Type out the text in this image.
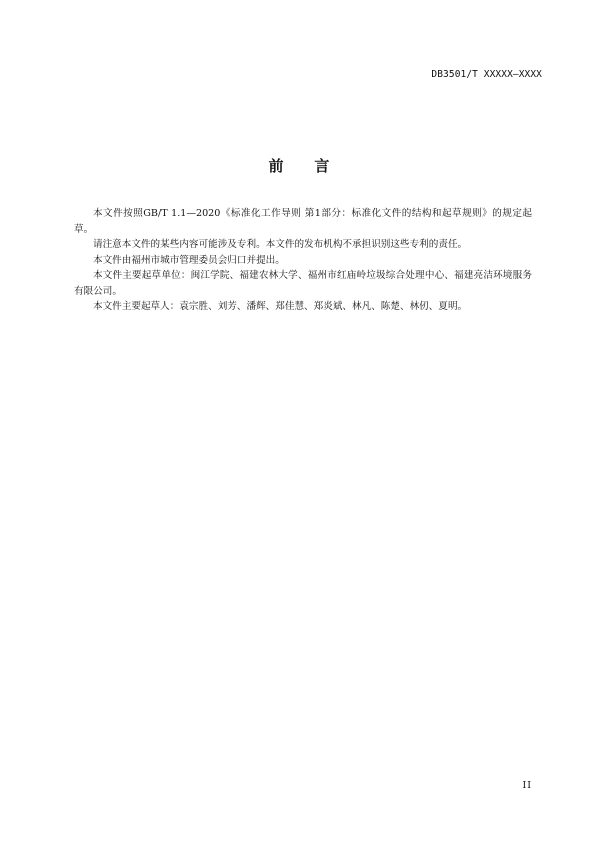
DB3501/T XXXXX—XXXX
前    言

本文件按照GB/T 1.1—2020《标准化工作导则 第1部分：标准化文件的结构和起草规则》的规定起草。

请注意本文件的某些内容可能涉及专利。本文件的发布机构不承担识别这些专利的责任。

本文件由福州市城市管理委员会归口并提出。

本文件主要起草单位：闽江学院、福建农林大学、福州市红庙岭垃圾综合处理中心、福建亮洁环境服务有限公司。

本文件主要起草人：袁宗胜、刘芳、潘辉、郑佳慧、郑炎斌、林凡、陈楚、林仞、夏明。

II
